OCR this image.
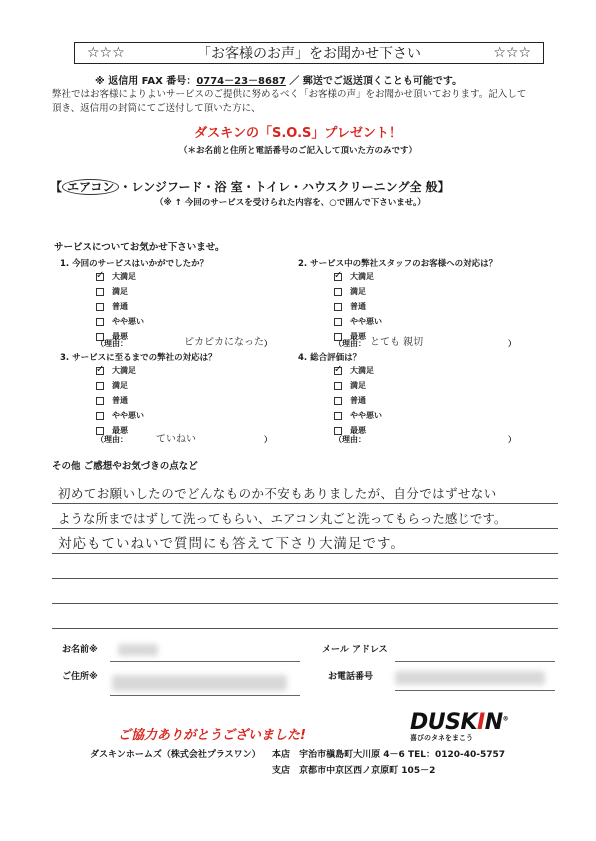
☆☆☆	「お客様のお声」をお聞かせ下さい	☆☆☆
※ 返信用 FAX 番号：0774－23－8687 ／ 郵送でご返送頂くことも可能です。
弊社ではお客様によりよいサービスのご提供に努めるべく「お客様の声」をお聞かせ頂いております。記入して
頂き、返信用の封筒にてご送付して頂いた方に、
ダスキンの「S.O.S」プレゼント！
（＊お名前と住所と電話番号のご記入して頂いた方のみです）
【 エアコン ・レンジフード・浴 室・トイレ・ハウスクリーニング全 般】
（※ ↑ 今回のサービスを受けられた内容を、○で囲んで下さいませ。）
サービスについてお気かせ下さいませ。
1. 今回のサービスはいかがでしたか？
✓ 大満足
満足
普通
やや悪い
最悪
（理由：	ピカピカになった ）
2. サービス中の弊社スタッフのお客様への対応は？
✓ 大満足
満足
普通
やや悪い
最悪
（理由： とても 親切	）
3. サービスに至るまでの弊社の対応は？
✓ 大満足
満足
普通
やや悪い
最悪
（理由：	ていねい	）
4. 総合評価は？
✓ 大満足
満足
普通
やや悪い
最悪
（理由：	）
その他 ご感想やお気づきの点など
初めてお願いしたのでどんなものか不安もありましたが、自分ではずせない
ような所まではずして洗ってもらい、エアコン丸ごと洗ってもらった感じです。
対応もていねいで質問にも答えて下さり大満足です。
お名前※	メール アドレス
ご住所※	お電話番号
ご協力ありがとうございました!
DUSKIN®
喜びのタネをまこう
ダスキンホームズ（株式会社プラスワン） 本店 宇治市槇島町大川原 4－6 TEL：0120-40-5757
支店 京都市中京区西ノ京原町 105－2
